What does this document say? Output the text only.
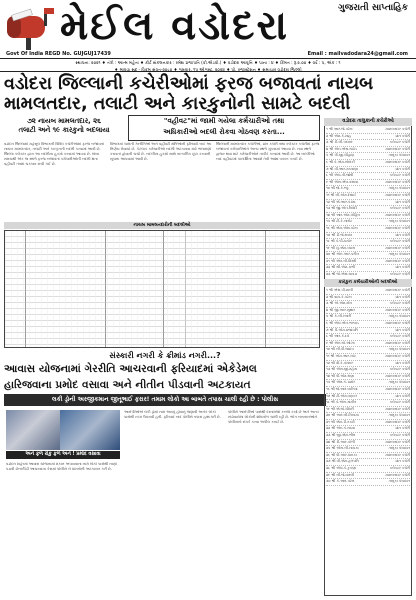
મેઈલ વડોદરા	ગુજરાતી સાપ્તાહિક
Govt Of India REGD No. GUJGUJ17439	Email : mailvadodara24@gmail.com
સ્થાપનાઃ ૨૦૨૧ ♦ તંત્રી : આત્મ મહેતા ♦ કોર્ટ સંકલનકાર : રમેશ પ્રજાપતિ (કો.એડવો.) ♦ વડોદરા આવૃત્તિ ♦ પાના : ૪ ♦ કિંમત : રૂ.૨.૦૦ ♦ વર્ષ : ૫, અંક : ૧
♦ શ્રાવણ સુદ - વિક્રમ સંવત-૨૦૮૦ ♦ ગુરુવાર, ૧૫ ઓગસ્ટ, ૨૦૨૪ ♦ પો. રજીસ્ટ્રેશન ♦ સમાચાર વડોદરા જિલ્લો
વડોદરા જિલ્લાની કચેરીઓમાં ફરજ બજાવતાં નાયબ
મામલતદાર, તલાટી અને કારકુનોની સામટે બદલી
૭૨ નાયબ મામલતદાર, ૨૬
તલાટી અને ૧૯ કારકુનો બદલાયા
"વહીવટ"માં જામી ગયેલા કર્મચારીઓ તથા
અધિકારીઓ બદલી રોકવા ગોઠવણ કરતા...
વડોદરા જિલ્લામાં મહેસૂલ વિભાગની વિવિધ કચેરીઓમાં ફરજ બજાવતાં નાયબ મામલતદાર, તલાટી અને કારકુનની બદલી કરવામાં આવી છે. જિલ્લા કલેક્ટર દ્વારા આ બદલીના હુકમો કરવામાં આવ્યા છે. લાંબા સમયથી એક જ સ્થળે ફરજ બજાવતાં કર્મચારીઓની બદલી થતા વહીવટી તંત્રમાં ચકચાર મચી ગઈ છે.
વિભાગમાં ચાલતી ગેરરીતિઓ અને વહીવટી ક્ષતિઓની ફરિયાદો બાદ આ નિર્ણય લેવાયો છે. કેટલાક કર્મચારીઓ બદલી અટકાવવા માટે ભલામણો કરાવતાં હોવાની ચર્ચા છે. બદલીના હુકમો સાથે તાત્કાલિક છૂટા કરવાની સૂચના આપવામાં આવી છે.
જિલ્લાની મામલતદાર કચેરીઓ, પ્રાંત કચેરી તથા કલેક્ટર કચેરીમાં ફરજ બજાવતાં કર્મચારીઓને અન્ય સ્થળે મૂકવામાં આવ્યા છે. નવા સ્થળે હાજર થવા માટે કર્મચારીઓને તાકીદ કરવામાં આવી છે. આ બદલીઓ બાદ વહીવટમાં પારદર્શિતા આવશે તેવી આશા વ્યક્ત કરાઈ છે.
નાયબ મામલતદારોની બદલીઓ
સંસ્કારી નગરી કે ક્રીમાંડ નગરી...?
આવાસ યોજનામાં ગેરરીતિ આચરવાની ફરિયાદમાં એકેડેમલ
હારિજવાના પ્રમોદ વસાવા અને નીતીન પીડવાની અટકાયત
લકી ડ્રોની અરજીકમાન જીતૂભાઈ ફરાર! તમામ લોકો આ બાબતે તપાસ ચાલી રહી છે : પોલીસ
અને ફળ રોકુ ફળ અને ! પ્રમોદ વસાવા
વડોદરા શહેરમાં આવાસ યોજનામાં મકાન અપાવવાના નામે લોકો પાસેથી નાણાં પડાવી છેતરપિંડી આચરવાના કેસમાં પોલીસે બે શખ્સોની અટકાયત કરી છે.
આરોપીઓએ લકી ડ્રોમાં નામ આવ્યું હોવાનું જણાવી અનેક લોકો પાસેથી રકમ ઉઘરાવી હતી. ફરિયાદ બાદ પોલીસે તપાસ હાથ ધરી છે.
પોલીસે આરોપીઓ પાસેથી દસ્તાવેજો કબજે કર્યા છે અને અન્ય સંડોવાયેલા લોકોની શોધખોળ ચાલી રહી છે. ભોગ બનનારાઓને પોલીસનો સંપર્ક કરવા અપીલ કરાઈ છે.
વડોદરા તાલુકાની કચેરીઓ
૧ શ્રી આર.જે.પટેલ	મામલતદાર કચેરી
૨ શ્રી એમ.કે.શાહ	પ્રાંત કચેરી
૩ શ્રી ડી.બી.પરમાર	કલેક્ટર કચેરી
૪ શ્રી એન.એસ.રાઠોડ	મામલતદાર કચેરી
૫ શ્રી પી.જી.ચૌહાણ	તાલુકા પંચાયત
૬ શ્રી કે.એમ.સોલંકી	મામલતદાર કચેરી
૭ શ્રી વી.આર.મકવાણા	પ્રાંત કચેરી
૮ શ્રી એચ.પી.જોષી	કલેક્ટર કચેરી
૯ શ્રી એસ.એલ.વસાવા	મામલતદાર કચેરી
૧૦ શ્રી જે.કે.ભટ્ટ	તાલુકા પંચાયત
૧૧ શ્રી બી.એમ.દેસાઈ	મામલતદાર કચેરી
૧૨ શ્રી એ.આર.પંડ્યા	પ્રાંત કચેરી
૧૩ શ્રી જી.એન.ત્રિવેદી	કલેક્ટર કચેરી
૧૪ શ્રી આર.એમ.ગોહિલ	મામલતદાર કચેરી
૧૫ શ્રી ટી.કે.બારોટ	તાલુકા પંચાયત
૧૬ શ્રી એમ.એસ.પટેલ	મામલતદાર કચેરી
૧૭ શ્રી ડી.જે.રાવલ	પ્રાંત કચેરી
૧૮ શ્રી કે.પી.ઠાકોર	કલેક્ટર કચેરી
૧૯ શ્રી યુ.એમ.વ્યાસ	મામલતદાર કચેરી
૨૦ શ્રી એન.આર.પરીખ	તાલુકા પંચાયત
૨૧ શ્રી એલ.બી.મિસ્ત્રી	મામલતદાર કચેરી
૨૨ શ્રી સી.એમ.ડાભી	પ્રાંત કચેરી
૨૩ શ્રી જે.એસ.ચાવડા	કલેક્ટર કચેરી
કારકુન કર્મચારીઓની બદલીઓ
૧ શ્રી એસ.પી.માલી	મામલતદાર કચેરી
૨ શ્રી વાય.કે.પટેલ	પ્રાંત કચેરી
૩ શ્રી એ.એમ.શેખ	કલેક્ટર કચેરી
૪ શ્રી જી.આર.સુથાર	મામલતદાર કચેરી
૫ શ્રી કે.બી.રબારી	તાલુકા પંચાયત
૬ શ્રી એચ.એન.ભરવાડ	મામલતદાર કચેરી
૭ શ્રી ડી.એમ.પ્રજાપતિ	પ્રાંત કચેરી
૮ શ્રી આર.કે.દવે	કલેક્ટર કચેરી
૯ શ્રી એન.જે.ઓઝા	મામલતદાર કચેરી
૧૦ શ્રી બી.પી.જાદવ	તાલુકા પંચાયત
૧૧ શ્રી એમ.આર.ખાંટ	મામલતદાર કચેરી
૧૨ શ્રી વી.કે.પરમાર	પ્રાંત કચેરી
૧૩ શ્રી એસ.જી.મહેતા	કલેક્ટર કચેરી
૧૪ શ્રી પી.એમ.રાણા	મામલતદાર કચેરી
૧૫ શ્રી એલ.કે.ડામોર	તાલુકા પંચાયત
૧૬ શ્રી જે.આર.બારિયા	મામલતદાર કચેરી
૧૭ શ્રી ટી.એમ.વણકર	પ્રાંત કચેરી
૧૮ શ્રી કે.એસ.ગામીત	કલેક્ટર કચેરી
૧૯ શ્રી એ.જે.ચૌધરી	મામલતદાર કચેરી
૨૦ શ્રી આર.બી.નિનામા	તાલુકા પંચાયત
૨૧ શ્રી એમ.ડી.તડવી	મામલતદાર કચેરી
૨૨ શ્રી એન.કે.રાઠવા	પ્રાંત કચેરી
૨૩ શ્રી જી.એમ.ભીલ	કલેક્ટર કચેરી
૨૪ શ્રી ડી.આર.કોળી	મામલતદાર કચેરી
૨૫ શ્રી એસ.બી.નાયકા	તાલુકા પંચાયત
૨૬ શ્રી પી.આર.ધાનકા	મામલતદાર કચેરી
૨૭ શ્રી વી.એમ.હળપતિ	પ્રાંત કચેરી
૨૮ શ્રી એચ.કે.કુકણા	કલેક્ટર કચેરી
૨૯ શ્રી બી.જે.વારલી	મામલતદાર કચેરી
૩૦ શ્રી કે.આર.પટેલ	તાલુકા પંચાયત
